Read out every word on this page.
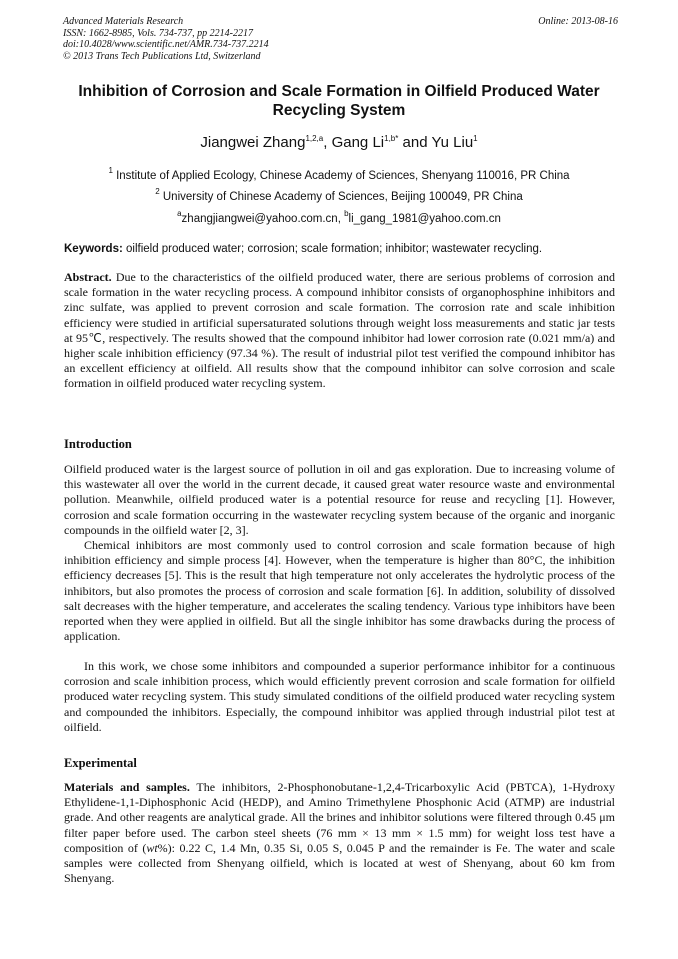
Advanced Materials Research
ISSN: 1662-8985, Vols. 734-737, pp 2214-2217
doi:10.4028/www.scientific.net/AMR.734-737.2214
© 2013 Trans Tech Publications Ltd, Switzerland
Online: 2013-08-16
Inhibition of Corrosion and Scale Formation in Oilfield Produced Water Recycling System
Jiangwei Zhang$^{1,2,a}$, Gang $Li^{1,b*}$ and Yu Liu$^1$
$^1$ Institute of Applied Ecology, Chinese Academy of Sciences, Shenyang 110016, PR China
$^2$ University of Chinese Academy of Sciences, Beijing 100049, PR China
$^a$zhangjiangwei@yahoo.com.cn, $^b$li_gang_1981@yahoo.com.cn
Keywords: oilfield produced water; corrosion; scale formation; inhibitor; wastewater recycling.
Abstract. Due to the characteristics of the oilfield produced water, there are serious problems of corrosion and scale formation in the water recycling process. A compound inhibitor consists of organophosphine inhibitors and zinc sulfate, was applied to prevent corrosion and scale formation. The corrosion rate and scale inhibition efficiency were studied in artificial supersaturated solutions through weight loss measurements and static jar tests at 95℃, respectively. The results showed that the compound inhibitor had lower corrosion rate (0.021 mm/a) and higher scale inhibition efficiency (97.34 %). The result of industrial pilot test verified the compound inhibitor has an excellent efficiency at oilfield. All results show that the compound inhibitor can solve corrosion and scale formation in oilfield produced water recycling system.
Introduction
Oilfield produced water is the largest source of pollution in oil and gas exploration. Due to increasing volume of this wastewater all over the world in the current decade, it caused great water resource waste and environmental pollution. Meanwhile, oilfield produced water is a potential resource for reuse and recycling [1]. However, corrosion and scale formation occurring in the wastewater recycling system because of the organic and inorganic compounds in the oilfield water [2, 3].
Chemical inhibitors are most commonly used to control corrosion and scale formation because of high inhibition efficiency and simple process [4]. However, when the temperature is higher than 80°C, the inhibition efficiency decreases [5]. This is the result that high temperature not only accelerates the hydrolytic process of the inhibitors, but also promotes the process of corrosion and scale formation [6]. In addition, solubility of dissolved salt decreases with the higher temperature, and accelerates the scaling tendency. Various type inhibitors have been reported when they were applied in oilfield. But all the single inhibitor has some drawbacks during the process of application.
In this work, we chose some inhibitors and compounded a superior performance inhibitor for a continuous corrosion and scale inhibition process, which would efficiently prevent corrosion and scale formation for oilfield produced water recycling system. This study simulated conditions of the oilfield produced water recycling system and compounded the inhibitors. Especially, the compound inhibitor was applied through industrial pilot test at oilfield.
Experimental
Materials and samples. The inhibitors, 2-Phosphonobutane-1,2,4-Tricarboxylic Acid (PBTCA), 1-Hydroxy Ethylidene-1,1-Diphosphonic Acid (HEDP), and Amino Trimethylene Phosphonic Acid (ATMP) are industrial grade. And other reagents are analytical grade. All the brines and inhibitor solutions were filtered through 0.45 μm filter paper before used. The carbon steel sheets (76 mm × 13 mm × 1.5 mm) for weight loss test have a composition of (wt%): 0.22 C, 1.4 Mn, 0.35 Si, 0.05 S, 0.045 P and the remainder is Fe. The water and scale samples were collected from Shenyang oilfield, which is located at west of Shenyang, about 60 km from Shenyang.
